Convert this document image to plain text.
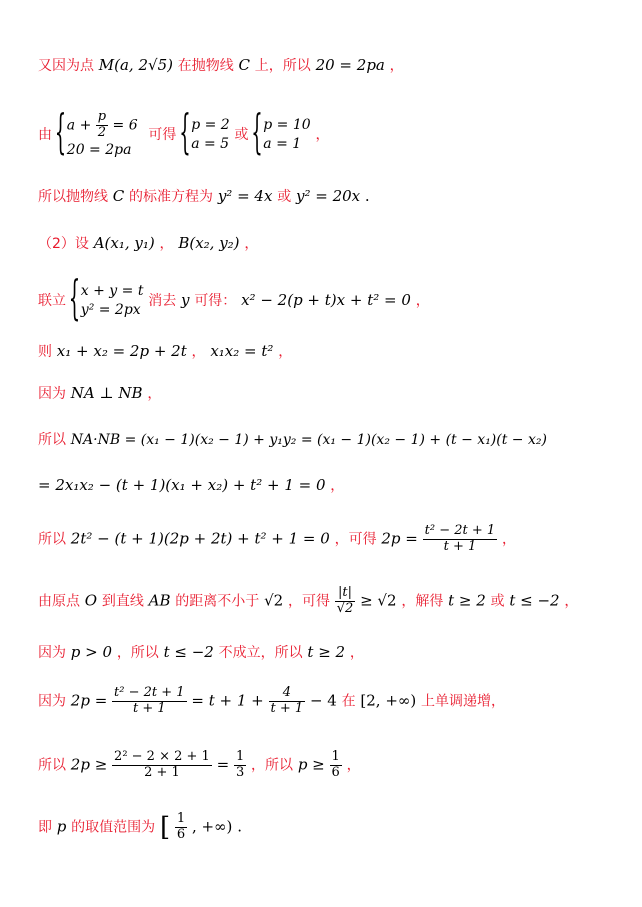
又因为点 M(a, 2√5) 在抛物线 C 上，所以 20 = 2pa ，
由
{ $a + \frac{p}{2} = 6$
20 = 2pa
可得
{ p = 2
a = 5
或
{ p = 10
a = 1
，
所以抛物线 C 的标准方程为 y² = 4x 或 y² = 20x .
（2）设 A(x₁, y₁) ， B(x₂, y₂) ，
联立
{ x + y = t
y² = 2px
消去 y 可得： x² − 2(p + t)x + t² = 0 ，
则 x₁ + x₂ = 2p + 2t ， x₁x₂ = t² ，
因为 NA ⊥ NB ，
所以 NA·NB = (x₁ − 1)(x₂ − 1) + y₁y₂ = (x₁ − 1)(x₂ − 1) + (t − x₁)(t − x₂)
= 2x₁x₂ − (t + 1)(x₁ + x₂) + t² + 1 = 0 ，
所以 2t² − (t + 1)(2p + 2t) + t² + 1 = 0 ，可得 $2p = \frac{\text{t² − 2t + 1}}{t + 1}$ ，
由原点 O 到直线 AB 的距离不小于 √2 ，可得 $\frac{|t|}{√2} \ge √2$ ，解得 t ≥ 2 或 t ≤ −2 ，
因为 p > 0 ，所以 t ≤ −2 不成立，所以 t ≥ 2 ，
因为 $2p = \frac{\text{t² − 2t + 1}}{t + 1} = t + 1 + \frac{4}{t + 1} - 4$ 在 [2, +∞) 上单调递增，
所以 $2p \ge \frac{\text{2² − 2 × 2 + 1}}{2 + 1} = \frac{1}{3}$ ，所以 $p \ge \frac{1}{6}$ ，
即 p 的取值范围为 [ $\frac{1}{6}$ , +∞) .
